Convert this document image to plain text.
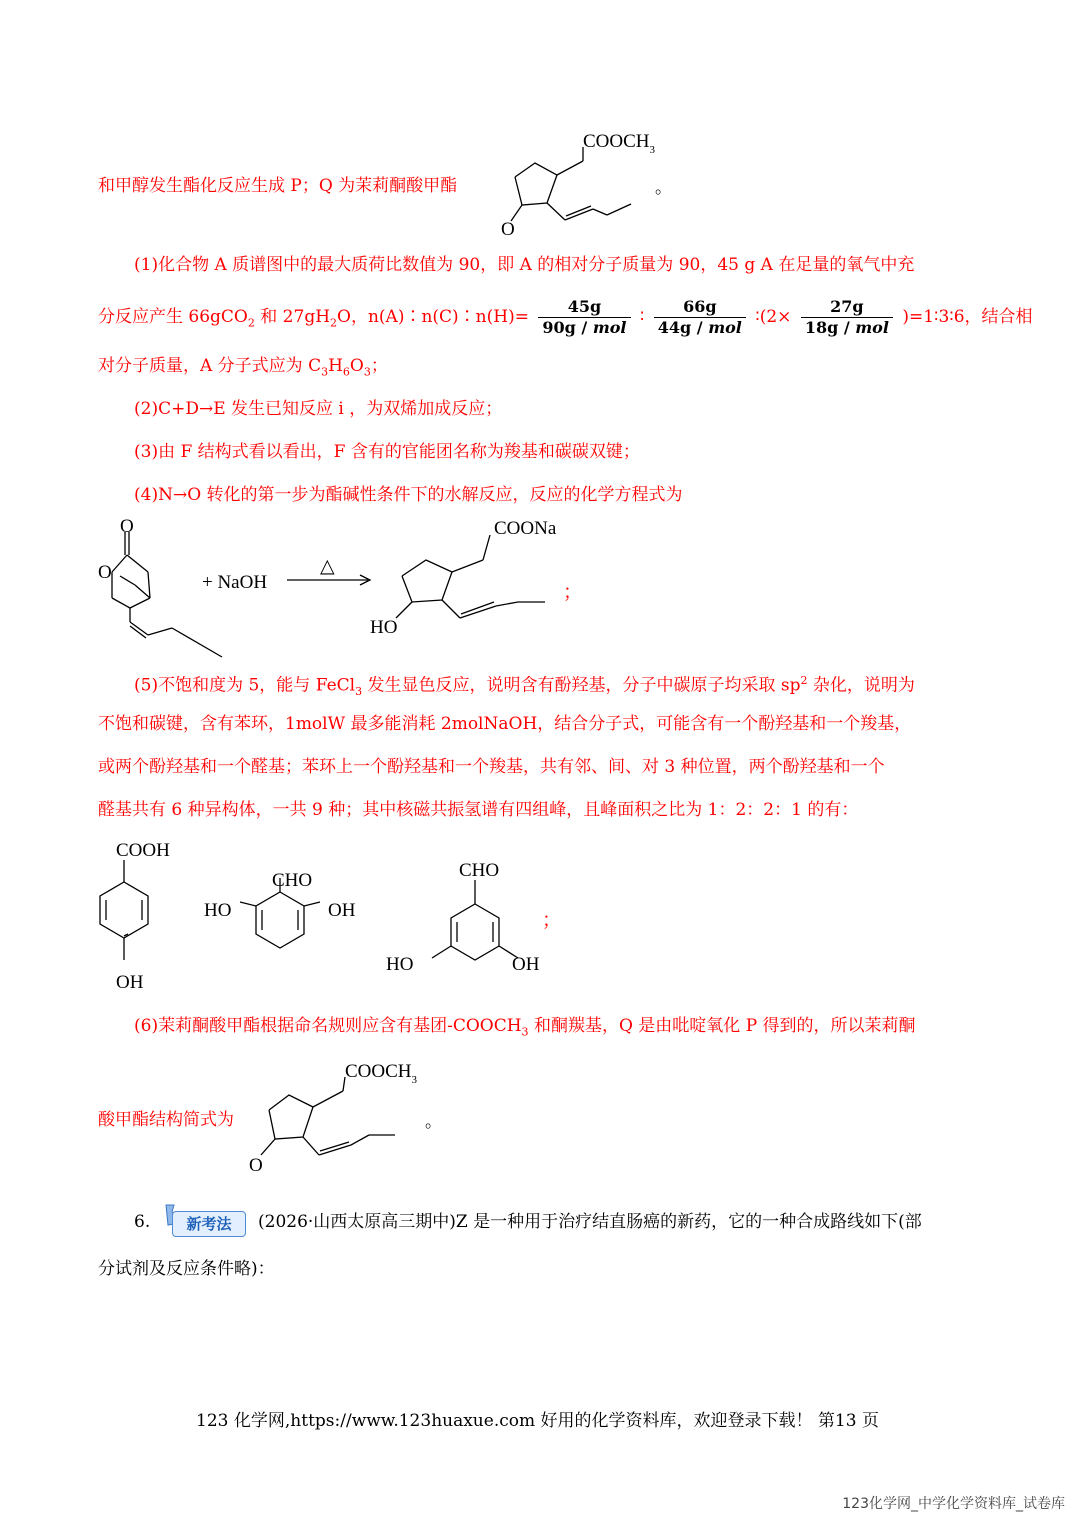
和甲醇发生酯化反应生成 P；Q 为茉莉酮酸甲酯
$COOCH_3$
O
。
(1)化合物 A 质谱图中的最大质荷比数值为 90，即 A 的相对分子质量为 90，45 g A 在足量的氧气中充
分反应产生 66gCO$_2$ 和 $27gH_2O$，n(A)∶n(C)∶n(H)= $\frac{45g}{\text{90g / mol}}$ ∶ $\frac{66g}{\text{44g / mol}}$ ∶(2× $\frac{27g}{\text{18g / mol}}$ )=1∶3∶6，结合相
对分子质量，A 分子式应为 $C_3H_6O_3$；
(2)C+D→E 发生已知反应 i ，为双烯加成反应；
(3)由 F 结构式看以看出，F 含有的官能团名称为羧基和碳碳双键；
(4)N→O 转化的第一步为酯碱性条件下的水解反应，反应的化学方程式为
O
O	+ NaOH
△
COONa
HO
；
(5)不饱和度为 5，能与 FeCl$_3$ 发生显色反应，说明含有酚羟基，分子中碳原子均采取 $sp^2$ 杂化，说明为
不饱和碳键，含有苯环，1molW 最多能消耗 2molNaOH，结合分子式，可能含有一个酚羟基和一个羧基，
或两个酚羟基和一个醛基；苯环上一个酚羟基和一个羧基，共有邻、间、对 3 种位置，两个酚羟基和一个
醛基共有 6 种异构体，一共 9 种；其中核磁共振氢谱有四组峰，且峰面积之比为 1：2：2：1 的有：
COOH
OH
CHO
HO	OH
CHO
HO	OH
；
(6)茉莉酮酸甲酯根据命名规则应含有基团$-COOCH_3$ 和酮羰基，Q 是由吡啶氧化 P 得到的，所以茉莉酮
酸甲酯结构简式为
$COOCH_3$
O
。
6.	新考法	(2026·山西太原高三期中)Z 是一种用于治疗结直肠癌的新药，它的一种合成路线如下(部
分试剂及反应条件略)：
123 化学网,https://www.123huaxue.com 好用的化学资料库，欢迎登录下载！ 第13 页
123化学网_中学化学资料库_试卷库
